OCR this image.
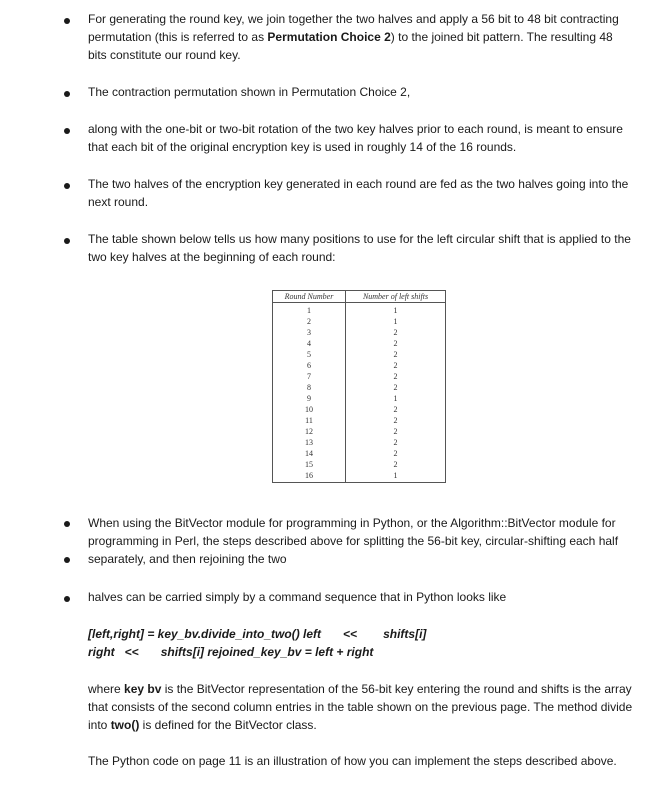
For generating the round key, we join together the two halves and apply a 56 bit to 48 bit contracting permutation (this is referred to as Permutation Choice 2) to the joined bit pattern. The resulting 48 bits constitute our round key.
The contraction permutation shown in Permutation Choice 2,
along with the one-bit or two-bit rotation of the two key halves prior to each round, is meant to ensure that each bit of the original encryption key is used in roughly 14 of the 16 rounds.
The two halves of the encryption key generated in each round are fed as the two halves going into the next round.
The table shown below tells us how many positions to use for the left circular shift that is applied to the two key halves at the beginning of each round:
Round Number	Number of left shifts
1	1
2	1
3	2
4	2
5	2
6	2
7	2
8	2
9	1
10	2
11	2
12	2
13	2
14	2
15	2
16	1
When using the BitVector module for programming in Python, or the Algorithm::BitVector module for programming in Perl, the steps described above for splitting the 56-bit key, circular-shifting each half separately, and then rejoining the two
halves can be carried simply by a command sequence that in Python looks like
[left,right] = key_bv.divide_into_two() left << shifts[i]
right << shifts[i] rejoined_key_bv = left + right
where key bv is the BitVector representation of the 56-bit key entering the round and shifts is the array that consists of the second column entries in the table shown on the previous page. The method divide into two() is defined for the BitVector class.
The Python code on page 11 is an illustration of how you can implement the steps described above.
